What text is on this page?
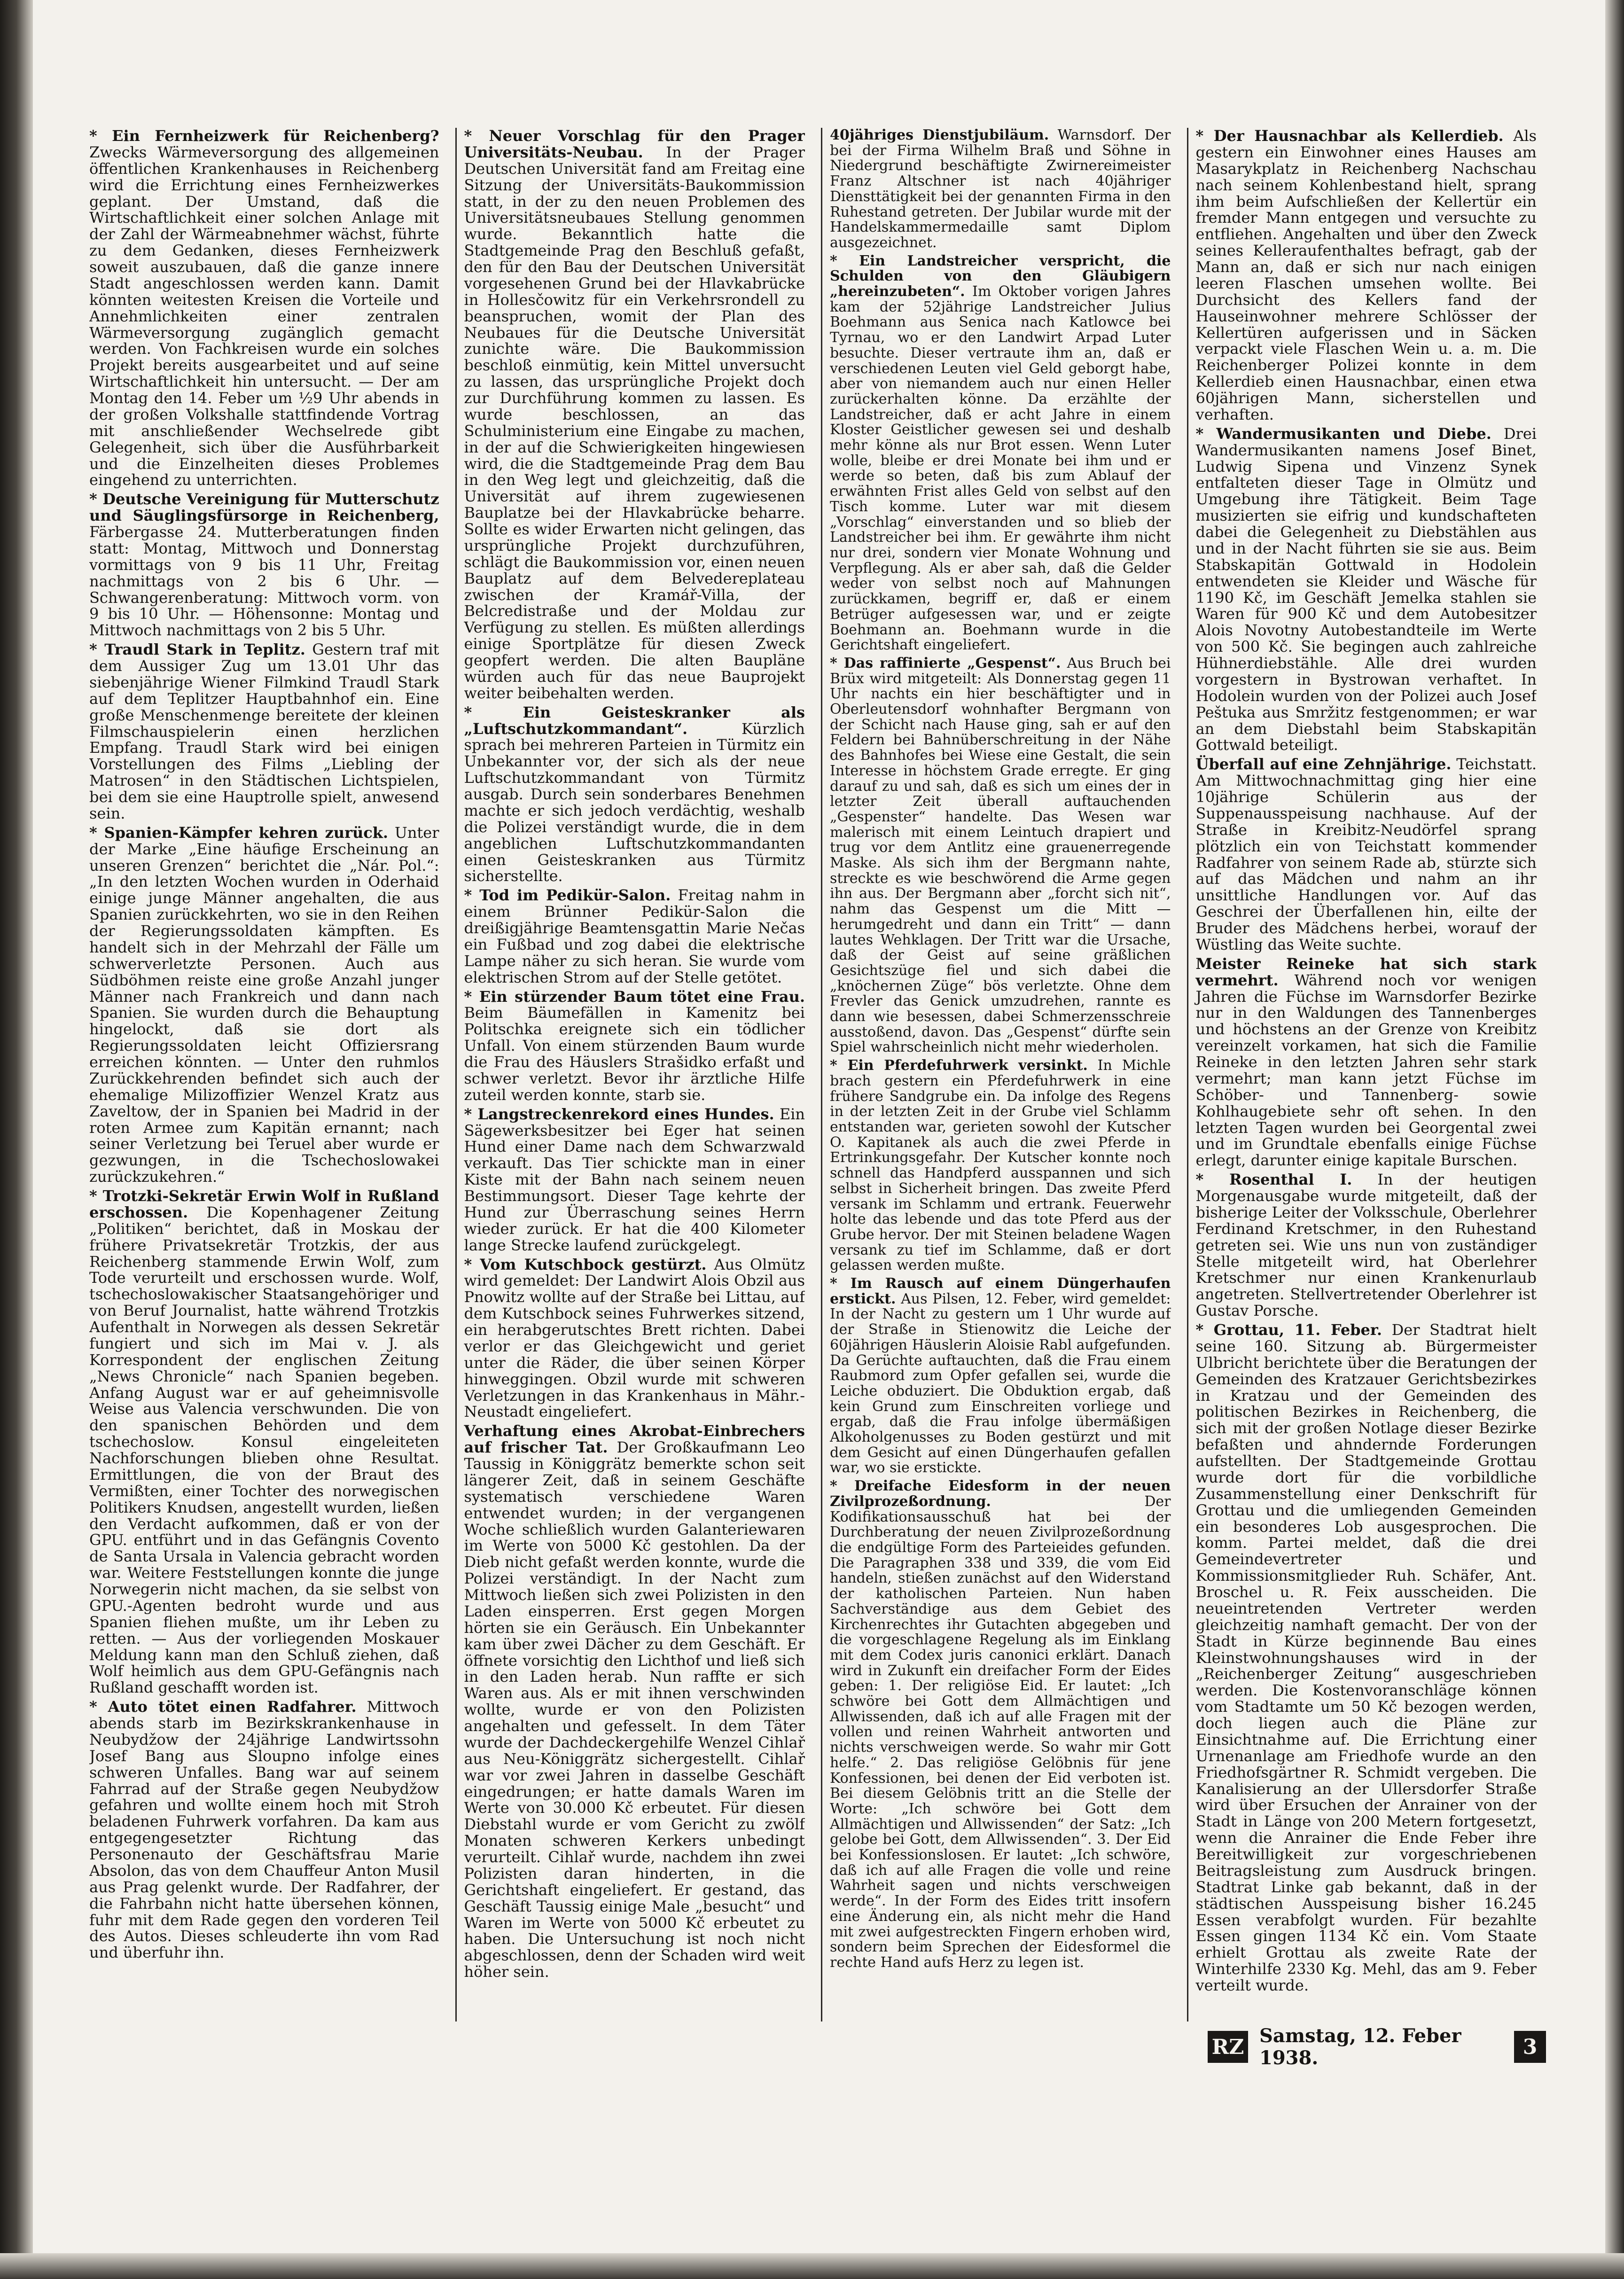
* Ein Fernheizwerk für Reichenberg? Zwecks Wärmeversorgung des allgemeinen öffentlichen Krankenhauses in Reichenberg wird die Errichtung eines Fernheizwerkes geplant. Der Umstand, daß die Wirtschaftlichkeit einer solchen Anlage mit der Zahl der Wärmeabnehmer wächst, führte zu dem Gedanken, dieses Fernheizwerk soweit auszubauen, daß die ganze innere Stadt angeschlossen werden kann. Damit könnten weitesten Kreisen die Vorteile und Annehmlichkeiten einer zentralen Wärmeversorgung zugänglich gemacht werden. Von Fachkreisen wurde ein solches Projekt bereits ausgearbeitet und auf seine Wirtschaftlichkeit hin untersucht. — Der am Montag den 14. Feber um ½9 Uhr abends in der großen Volkshalle stattfindende Vortrag mit anschließender Wechselrede gibt Gelegenheit, sich über die Ausführbarkeit und die Einzelheiten dieses Problemes eingehend zu unterrichten.

* Deutsche Vereinigung für Mutterschutz und Säuglingsfürsorge in Reichenberg, Färbergasse 24. Mutterberatungen finden statt: Montag, Mittwoch und Donnerstag vormittags von 9 bis 11 Uhr, Freitag nachmittags von 2 bis 6 Uhr. — Schwangerenberatung: Mittwoch vorm. von 9 bis 10 Uhr. — Höhensonne: Montag und Mittwoch nachmittags von 2 bis 5 Uhr.

* Traudl Stark in Teplitz. Gestern traf mit dem Aussiger Zug um 13.01 Uhr das siebenjährige Wiener Filmkind Traudl Stark auf dem Teplitzer Hauptbahnhof ein. Eine große Menschenmenge bereitete der kleinen Filmschauspielerin einen herzlichen Empfang. Traudl Stark wird bei einigen Vorstellungen des Films „Liebling der Matrosen“ in den Städtischen Lichtspielen, bei dem sie eine Hauptrolle spielt, anwesend sein.

* Spanien-Kämpfer kehren zurück. Unter der Marke „Eine häufige Erscheinung an unseren Grenzen“ berichtet die „Nár. Pol.“: „In den letzten Wochen wurden in Oderhaid einige junge Männer angehalten, die aus Spanien zurückkehrten, wo sie in den Reihen der Regierungssoldaten kämpften. Es handelt sich in der Mehrzahl der Fälle um schwerverletzte Personen. Auch aus Südböhmen reiste eine große Anzahl junger Männer nach Frankreich und dann nach Spanien. Sie wurden durch die Behauptung hingelockt, daß sie dort als Regierungssoldaten leicht Offiziersrang erreichen könnten. — Unter den ruhmlos Zurückkehrenden befindet sich auch der ehemalige Milizoffizier Wenzel Kratz aus Zaveltow, der in Spanien bei Madrid in der roten Armee zum Kapitän ernannt; nach seiner Verletzung bei Teruel aber wurde er gezwungen, in die Tschechoslowakei zurückzukehren.“

* Trotzki-Sekretär Erwin Wolf in Rußland erschossen. Die Kopenhagener Zeitung „Politiken“ berichtet, daß in Moskau der frühere Privatsekretär Trotzkis, der aus Reichenberg stammende Erwin Wolf, zum Tode verurteilt und erschossen wurde. Wolf, tschechoslowakischer Staatsangehöriger und von Beruf Journalist, hatte während Trotzkis Aufenthalt in Norwegen als dessen Sekretär fungiert und sich im Mai v. J. als Korrespondent der englischen Zeitung „News Chronicle“ nach Spanien begeben. Anfang August war er auf geheimnisvolle Weise aus Valencia verschwunden. Die von den spanischen Behörden und dem tschechoslow. Konsul eingeleiteten Nachforschungen blieben ohne Resultat. Ermittlungen, die von der Braut des Vermißten, einer Tochter des norwegischen Politikers Knudsen, angestellt wurden, ließen den Verdacht aufkommen, daß er von der GPU. entführt und in das Gefängnis Covento de Santa Ursala in Valencia gebracht worden war. Weitere Feststellungen konnte die junge Norwegerin nicht machen, da sie selbst von GPU.-Agenten bedroht wurde und aus Spanien fliehen mußte, um ihr Leben zu retten. — Aus der vorliegenden Moskauer Meldung kann man den Schluß ziehen, daß Wolf heimlich aus dem GPU-Gefängnis nach Rußland geschafft worden ist.

* Auto tötet einen Radfahrer. Mittwoch abends starb im Bezirkskrankenhause in Neubydžow der 24jährige Landwirtssohn Josef Bang aus Sloupno infolge eines schweren Unfalles. Bang war auf seinem Fahrrad auf der Straße gegen Neubydžow gefahren und wollte einem hoch mit Stroh beladenen Fuhrwerk vorfahren. Da kam aus entgegengesetzter Richtung das Personenauto der Geschäftsfrau Marie Absolon, das von dem Chauffeur Anton Musil aus Prag gelenkt wurde. Der Radfahrer, der die Fahrbahn nicht hatte übersehen können, fuhr mit dem Rade gegen den vorderen Teil des Autos. Dieses schleuderte ihn vom Rad und überfuhr ihn.

* Neuer Vorschlag für den Prager Universitäts-Neubau. In der Prager Deutschen Universität fand am Freitag eine Sitzung der Universitäts-Baukommission statt, in der zu den neuen Problemen des Universitätsneubaues Stellung genommen wurde. Bekanntlich hatte die Stadtgemeinde Prag den Beschluß gefaßt, den für den Bau der Deutschen Universität vorgesehenen Grund bei der Hlavkabrücke in Hollesčowitz für ein Verkehrsrondell zu beanspruchen, womit der Plan des Neubaues für die Deutsche Universität zunichte wäre. Die Baukommission beschloß einmütig, kein Mittel unversucht zu lassen, das ursprüngliche Projekt doch zur Durchführung kommen zu lassen. Es wurde beschlossen, an das Schulministerium eine Eingabe zu machen, in der auf die Schwierigkeiten hingewiesen wird, die die Stadtgemeinde Prag dem Bau in den Weg legt und gleichzeitig, daß die Universität auf ihrem zugewiesenen Bauplatze bei der Hlavkabrücke beharre. Sollte es wider Erwarten nicht gelingen, das ursprüngliche Projekt durchzuführen, schlägt die Baukommission vor, einen neuen Bauplatz auf dem Belvedereplateau zwischen der Kramář-Villa, der Belcredistraße und der Moldau zur Verfügung zu stellen. Es müßten allerdings einige Sportplätze für diesen Zweck geopfert werden. Die alten Baupläne würden auch für das neue Bauprojekt weiter beibehalten werden.

* Ein Geisteskranker als „Luftschutzkommandant“.	Kürzlich sprach bei mehreren Parteien in Türmitz ein Unbekannter vor, der sich als der neue Luftschutzkommandant von Türmitz ausgab. Durch sein sonderbares Benehmen machte er sich jedoch verdächtig, weshalb die Polizei verständigt wurde, die in dem angeblichen Luftschutzkommandanten einen Geisteskranken aus Türmitz sicherstellte.

* Tod im Pedikür-Salon. Freitag nahm in einem Brünner Pedikür-Salon die dreißigjährige Beamtensgattin Marie Nečas ein Fußbad und zog dabei die elektrische Lampe näher zu sich heran. Sie wurde vom elektrischen Strom auf der Stelle getötet.

* Ein stürzender Baum tötet eine Frau. Beim Bäumefällen in Kamenitz bei Politschka ereignete sich ein tödlicher Unfall. Von einem stürzenden Baum wurde die Frau des Häuslers Strašidko erfaßt und schwer verletzt. Bevor ihr ärztliche Hilfe zuteil werden konnte, starb sie.

* Langstreckenrekord eines Hundes. Ein Sägewerksbesitzer bei Eger hat seinen Hund einer Dame nach dem Schwarzwald verkauft. Das Tier schickte man in einer Kiste mit der Bahn nach seinem neuen Bestimmungsort. Dieser Tage kehrte der Hund zur Überraschung seines Herrn wieder zurück. Er hat die 400 Kilometer lange Strecke laufend zurückgelegt.

* Vom Kutschbock gestürzt. Aus Olmütz wird gemeldet: Der Landwirt Alois Obzil aus Pnowitz wollte auf der Straße bei Littau, auf dem Kutschbock seines Fuhrwerkes sitzend, ein herabgerutschtes Brett richten. Dabei verlor er das Gleichgewicht und geriet unter die Räder, die über seinen Körper hinweggingen. Obzil wurde mit schweren Verletzungen in das Krankenhaus in Mähr.-Neustadt eingeliefert.

Verhaftung eines Akrobat-Einbrechers auf frischer Tat. Der Großkaufmann Leo Taussig in Königgrätz bemerkte schon seit längerer Zeit, daß in seinem Geschäfte systematisch verschiedene Waren entwendet wurden; in der vergangenen Woche schließlich wurden Galanteriewaren im Werte von 5000 Kč gestohlen. Da der Dieb nicht gefaßt werden konnte, wurde die Polizei verständigt. In der Nacht zum Mittwoch ließen sich zwei Polizisten in den Laden einsperren. Erst gegen Morgen hörten sie ein Geräusch. Ein Unbekannter kam über zwei Dächer zu dem Geschäft. Er öffnete vorsichtig den Lichthof und ließ sich in den Laden herab. Nun raffte er sich Waren aus. Als er mit ihnen verschwinden wollte, wurde er von den Polizisten angehalten und gefesselt. In dem Täter wurde der Dachdeckergehilfe Wenzel Cihlař aus Neu-Königgrätz sichergestellt. Cihlař war vor zwei Jahren in dasselbe Geschäft eingedrungen; er hatte damals Waren im Werte von 30.000 Kč erbeutet. Für diesen Diebstahl wurde er vom Gericht zu zwölf Monaten schweren Kerkers unbedingt verurteilt. Cihlař wurde, nachdem ihn zwei Polizisten daran hinderten, in die Gerichtshaft eingeliefert. Er gestand, das Geschäft Taussig einige Male „besucht“ und Waren im Werte von 5000 Kč erbeutet zu haben. Die Untersuchung ist noch nicht abgeschlossen, denn der Schaden wird weit höher sein.

40jähriges Dienstjubiläum. Warnsdorf. Der bei der Firma Wilhelm Braß und Söhne in Niedergrund beschäftigte Zwirnereimeister Franz Altschner ist nach 40jähriger Diensttätigkeit bei der genannten Firma in den Ruhestand getreten. Der Jubilar wurde mit der Handelskammermedaille samt Diplom ausgezeichnet.

* Ein Landstreicher verspricht, die Schulden von den Gläubigern „hereinzubeten“. Im Oktober vorigen Jahres kam der 52jährige Landstreicher Julius Boehmann aus Senica nach Katlowce bei Tyrnau, wo er den Landwirt Arpad Luter besuchte. Dieser vertraute ihm an, daß er verschiedenen Leuten viel Geld geborgt habe, aber von niemandem auch nur einen Heller zurückerhalten könne. Da erzählte der Landstreicher, daß er acht Jahre in einem Kloster Geistlicher gewesen sei und deshalb mehr könne als nur Brot essen. Wenn Luter wolle, bleibe er drei Monate bei ihm und er werde so beten, daß bis zum Ablauf der erwähnten Frist alles Geld von selbst auf den Tisch komme. Luter war mit diesem „Vorschlag“ einverstanden und so blieb der Landstreicher bei ihm. Er gewährte ihm nicht nur drei, sondern vier Monate Wohnung und Verpflegung. Als er aber sah, daß die Gelder weder von selbst noch auf Mahnungen zurückkamen, begriff er, daß er einem Betrüger aufgesessen war, und er zeigte Boehmann an. Boehmann wurde in die Gerichtshaft eingeliefert.

* Das raffinierte „Gespenst“. Aus Bruch bei Brüx wird mitgeteilt: Als Donnerstag gegen 11 Uhr nachts ein hier beschäftigter und in Oberleutensdorf wohnhafter Bergmann von der Schicht nach Hause ging, sah er auf den Feldern bei Bahnüberschreitung in der Nähe des Bahnhofes bei Wiese eine Gestalt, die sein Interesse in höchstem Grade erregte. Er ging darauf zu und sah, daß es sich um eines der in letzter Zeit überall auftauchenden „Gespenster“ handelte. Das Wesen war malerisch mit einem Leintuch drapiert und trug vor dem Antlitz eine grauenerregende Maske. Als sich ihm der Bergmann nahte, streckte es wie beschwörend die Arme gegen ihn aus. Der Bergmann aber „forcht sich nit“, nahm das Gespenst um die Mitt — herumgedreht und dann ein Tritt“ — dann lautes Wehklagen. Der Tritt war die Ursache, daß der Geist auf seine gräßlichen Gesichtszüge fiel und sich dabei die „knöchernen Züge“ bös verletzte. Ohne dem Frevler das Genick umzudrehen, rannte es dann wie besessen, dabei Schmerzensschreie ausstoßend, davon. Das „Gespenst“ dürfte sein Spiel wahrscheinlich nicht mehr wiederholen.

* Ein Pferdefuhrwerk versinkt. In Michle brach gestern ein Pferdefuhrwerk in eine frühere Sandgrube ein. Da infolge des Regens in der letzten Zeit in der Grube viel Schlamm entstanden war, gerieten sowohl der Kutscher O. Kapitanek als auch die zwei Pferde in Ertrinkungsgefahr. Der Kutscher konnte noch schnell das Handpferd ausspannen und sich selbst in Sicherheit bringen. Das zweite Pferd versank im Schlamm und ertrank. Feuerwehr holte das lebende und das tote Pferd aus der Grube hervor. Der mit Steinen beladene Wagen versank zu tief im Schlamme, daß er dort gelassen werden mußte.

* Im Rausch auf einem Düngerhaufen erstickt. Aus Pilsen, 12. Feber, wird gemeldet: In der Nacht zu gestern um 1 Uhr wurde auf der Straße in Stienowitz die Leiche der 60jährigen Häuslerin Aloisie Rabl aufgefunden. Da Gerüchte auftauchten, daß die Frau einem Raubmord zum Opfer gefallen sei, wurde die Leiche obduziert. Die Obduktion ergab, daß kein Grund zum Einschreiten vorliege und ergab, daß die Frau infolge übermäßigen Alkoholgenusses zu Boden gestürzt und mit dem Gesicht auf einen Düngerhaufen gefallen war, wo sie erstickte.

* Dreifache Eidesform in der neuen Zivilprozeßordnung.	Der Kodifikationsausschuß hat bei der Durchberatung der neuen Zivilprozeßordnung die endgültige Form des Parteieides gefunden. Die Paragraphen 338 und 339, die vom Eid handeln, stießen zunächst auf den Widerstand der katholischen Parteien. Nun haben Sachverständige aus dem Gebiet des Kirchenrechtes ihr Gutachten abgegeben und die vorgeschlagene Regelung als im Einklang mit dem Codex juris canonici erklärt. Danach wird in Zukunft ein dreifacher Form der Eides geben: 1. Der religiöse Eid. Er lautet: „Ich schwöre bei Gott dem Allmächtigen und Allwissenden, daß ich auf alle Fragen mit der vollen und reinen Wahrheit antworten und nichts verschweigen werde. So wahr mir Gott helfe.“ 2. Das religiöse Gelöbnis für jene Konfessionen, bei denen der Eid verboten ist. Bei diesem Gelöbnis tritt an die Stelle der Worte: „Ich schwöre bei Gott dem Allmächtigen und Allwissenden“ der Satz: „Ich gelobe bei Gott, dem Allwissenden“. 3. Der Eid bei Konfessionslosen. Er lautet: „Ich schwöre, daß ich auf alle Fragen die volle und reine Wahrheit sagen und nichts verschweigen werde“. In der Form des Eides tritt insofern eine Änderung ein, als nicht mehr die Hand mit zwei aufgestreckten Fingern erhoben wird, sondern beim Sprechen der Eidesformel die rechte Hand aufs Herz zu legen ist.

* Der Hausnachbar als Kellerdieb. Als gestern ein Einwohner eines Hauses am Masarykplatz in Reichenberg Nachschau nach seinem Kohlenbestand hielt, sprang ihm beim Aufschließen der Kellertür ein fremder Mann entgegen und versuchte zu entfliehen. Angehalten und über den Zweck seines Kelleraufenthaltes befragt, gab der Mann an, daß er sich nur nach einigen leeren Flaschen umsehen wollte. Bei Durchsicht des Kellers fand der Hauseinwohner mehrere Schlösser der Kellertüren aufgerissen und in Säcken verpackt viele Flaschen Wein u. a. m. Die Reichenberger Polizei konnte in dem Kellerdieb einen Hausnachbar, einen etwa 60jährigen Mann, sicherstellen und verhaften.

* Wandermusikanten und Diebe. Drei Wandermusikanten namens Josef Binet, Ludwig Sipena und Vinzenz Synek entfalteten dieser Tage in Olmütz und Umgebung ihre Tätigkeit. Beim Tage musizierten sie eifrig und kundschafteten dabei die Gelegenheit zu Diebstählen aus und in der Nacht führten sie sie aus. Beim Stabskapitän Gottwald in Hodolein entwendeten sie Kleider und Wäsche für 1190 Kč, im Geschäft Jemelka stahlen sie Waren für 900 Kč und dem Autobesitzer Alois Novotny Autobestandteile im Werte von 500 Kč. Sie begingen auch zahlreiche Hühnerdiebstähle. Alle drei wurden vorgestern in Bystrowan verhaftet. In Hodolein wurden von der Polizei auch Josef Peštuka aus Smržitz festgenommen; er war an dem Diebstahl beim Stabskapitän Gottwald beteiligt.

Überfall auf eine Zehnjährige. Teichstatt. Am Mittwochnachmittag ging hier eine 10jährige Schülerin aus der Suppenausspeisung nachhause. Auf der Straße in Kreibitz-Neudörfel sprang plötzlich ein von Teichstatt kommender Radfahrer von seinem Rade ab, stürzte sich auf das Mädchen und nahm an ihr unsittliche Handlungen vor. Auf das Geschrei der Überfallenen hin, eilte der Bruder des Mädchens herbei, worauf der Wüstling das Weite suchte.

Meister Reineke hat sich stark vermehrt. Während noch vor wenigen Jahren die Füchse im Warnsdorfer Bezirke nur in den Waldungen des Tannenberges und höchstens an der Grenze von Kreibitz vereinzelt vorkamen, hat sich die Familie Reineke in den letzten Jahren sehr stark vermehrt; man kann jetzt Füchse im Schöber- und Tannenberg- sowie Kohlhaugebiete sehr oft sehen. In den letzten Tagen wurden bei Georgental zwei und im Grundtale ebenfalls einige Füchse erlegt, darunter einige kapitale Burschen.

* Rosenthal I. In der heutigen Morgenausgabe wurde mitgeteilt, daß der bisherige Leiter der Volksschule, Oberlehrer Ferdinand Kretschmer, in den Ruhestand getreten sei. Wie uns nun von zuständiger Stelle mitgeteilt wird, hat Oberlehrer Kretschmer nur einen Krankenurlaub angetreten. Stellvertretender Oberlehrer ist Gustav Porsche.

* Grottau, 11. Feber. Der Stadtrat hielt seine 160. Sitzung ab. Bürgermeister Ulbricht berichtete über die Beratungen der Gemeinden des Kratzauer Gerichtsbezirkes in Kratzau und der Gemeinden des politischen Bezirkes in Reichenberg, die sich mit der großen Notlage dieser Bezirke befaßten und ahndernde Forderungen aufstellten. Der Stadtgemeinde Grottau wurde dort für die vorbildliche Zusammenstellung einer Denkschrift für Grottau und die umliegenden Gemeinden ein besonderes Lob ausgesprochen. Die komm. Partei meldet, daß die drei Gemeindevertreter und Kommissionsmitglieder Ruh. Schäfer, Ant. Broschel u. R. Feix ausscheiden. Die neueintretenden Vertreter werden gleichzeitig namhaft gemacht. Der von der Stadt in Kürze beginnende Bau eines Kleinstwohnungshauses wird in der „Reichenberger Zeitung“ ausgeschrieben werden. Die Kostenvoranschläge können vom Stadtamte um 50 Kč bezogen werden, doch liegen auch die Pläne zur Einsichtnahme auf. Die Errichtung einer Urnenanlage am Friedhofe wurde an den Friedhofsgärtner R. Schmidt vergeben. Die Kanalisierung an der Ullersdorfer Straße wird über Ersuchen der Anrainer von der Stadt in Länge von 200 Metern fortgesetzt, wenn die Anrainer die Ende Feber ihre Bereitwilligkeit zur vorgeschriebenen Beitragsleistung zum Ausdruck bringen. Stadtrat Linke gab bekannt, daß in der städtischen Ausspeisung bisher 16.245 Essen verabfolgt wurden. Für bezahlte Essen gingen 1134 Kč ein. Vom Staate erhielt Grottau als zweite Rate der Winterhilfe 2330 Kg. Mehl, das am 9. Feber verteilt wurde.

RZ Samstag, 12. Feber 1938.	3
